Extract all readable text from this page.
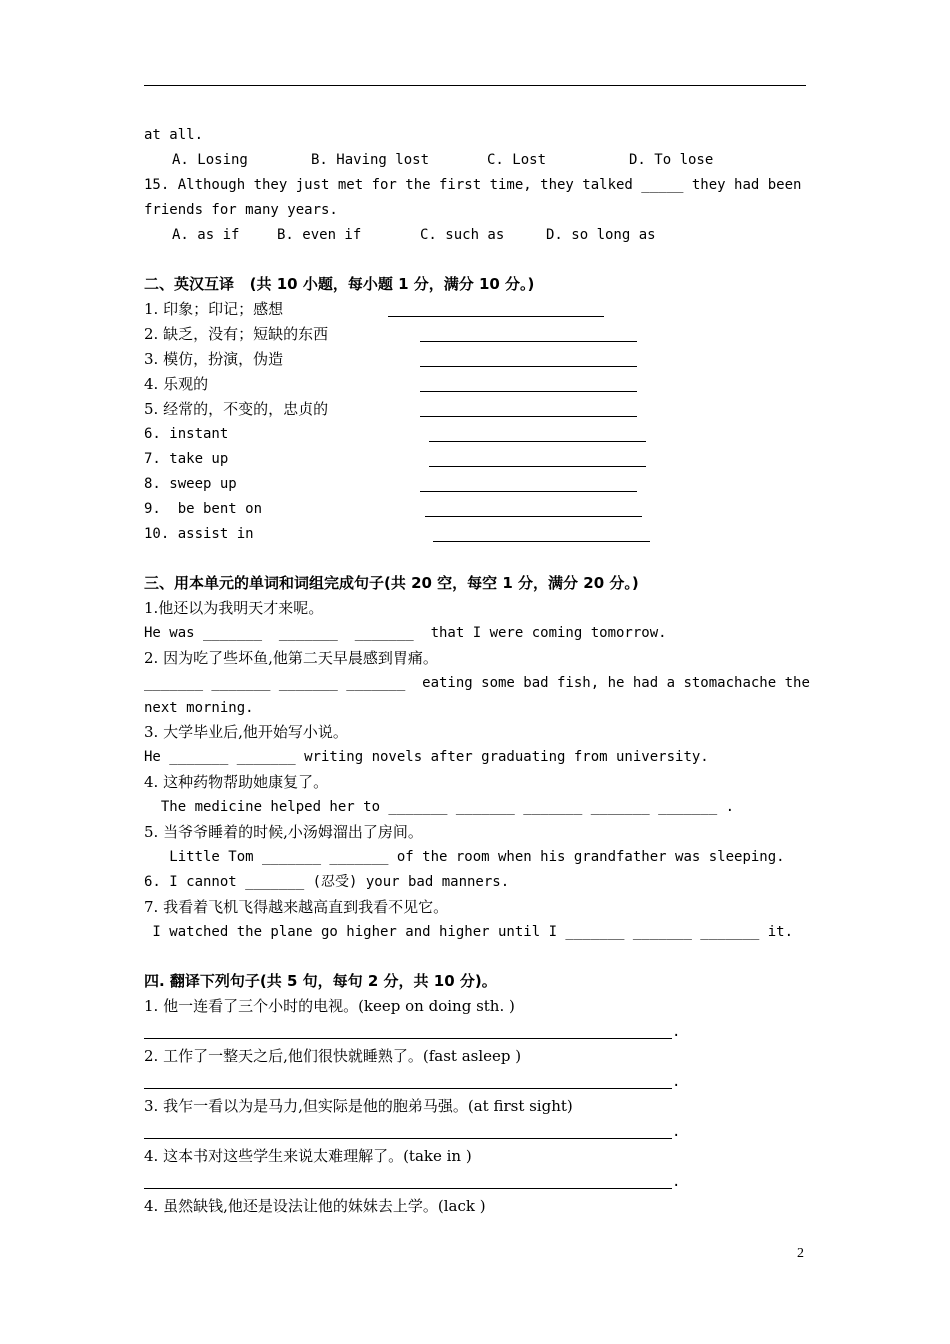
at all.
A. Losing	B. Having lost	C. Lost	D. To lose
15. Although they just met for the first time, they talked _____ they had been
friends for many years.
A. as if	B. even if	C. such as	D. so long as
二、英汉互译   (共 10 小题，每小题 1 分，满分 10 分。)
1. 印象；印记；感想
2. 缺乏，没有；短缺的东西
3. 模仿，扮演，伪造
4. 乐观的
5. 经常的，不变的，忠贞的
6. instant
7. take up
8. sweep up
9.  be bent on
10. assist in
三、用本单元的单词和词组完成句子(共 20 空，每空 1 分，满分 20 分。)
1.他还以为我明天才来呢。
He was _______  _______  _______  that I were coming tomorrow.
2. 因为吃了些坏鱼,他第二天早晨感到胃痛。
_______ _______ _______ _______  eating some bad fish, he had a stomachache the
next morning.
3. 大学毕业后,他开始写小说。
He _______ _______ writing novels after graduating from university.
4. 这种药物帮助她康复了。
The medicine helped her to _______ _______ _______ _______ _______ .
5. 当爷爷睡着的时候,小汤姆溜出了房间。
Little Tom _______ _______ of the room when his grandfather was sleeping.
6. I cannot _______ (忍受) your bad manners.
7. 我看着飞机飞得越来越高直到我看不见它。
I watched the plane go higher and higher until I _______ _______ _______ it.
四. 翻译下列句子(共 5 句，每句 2 分，共 10 分)。
1. 他一连看了三个小时的电视。(keep on doing sth. )
.
2. 工作了一整天之后,他们很快就睡熟了。(fast asleep )
.
3. 我乍一看以为是马力,但实际是他的胞弟马强。(at first sight)
.
4. 这本书对这些学生来说太难理解了。(take in )
.
4. 虽然缺钱,他还是设法让他的妹妹去上学。(lack )
2
